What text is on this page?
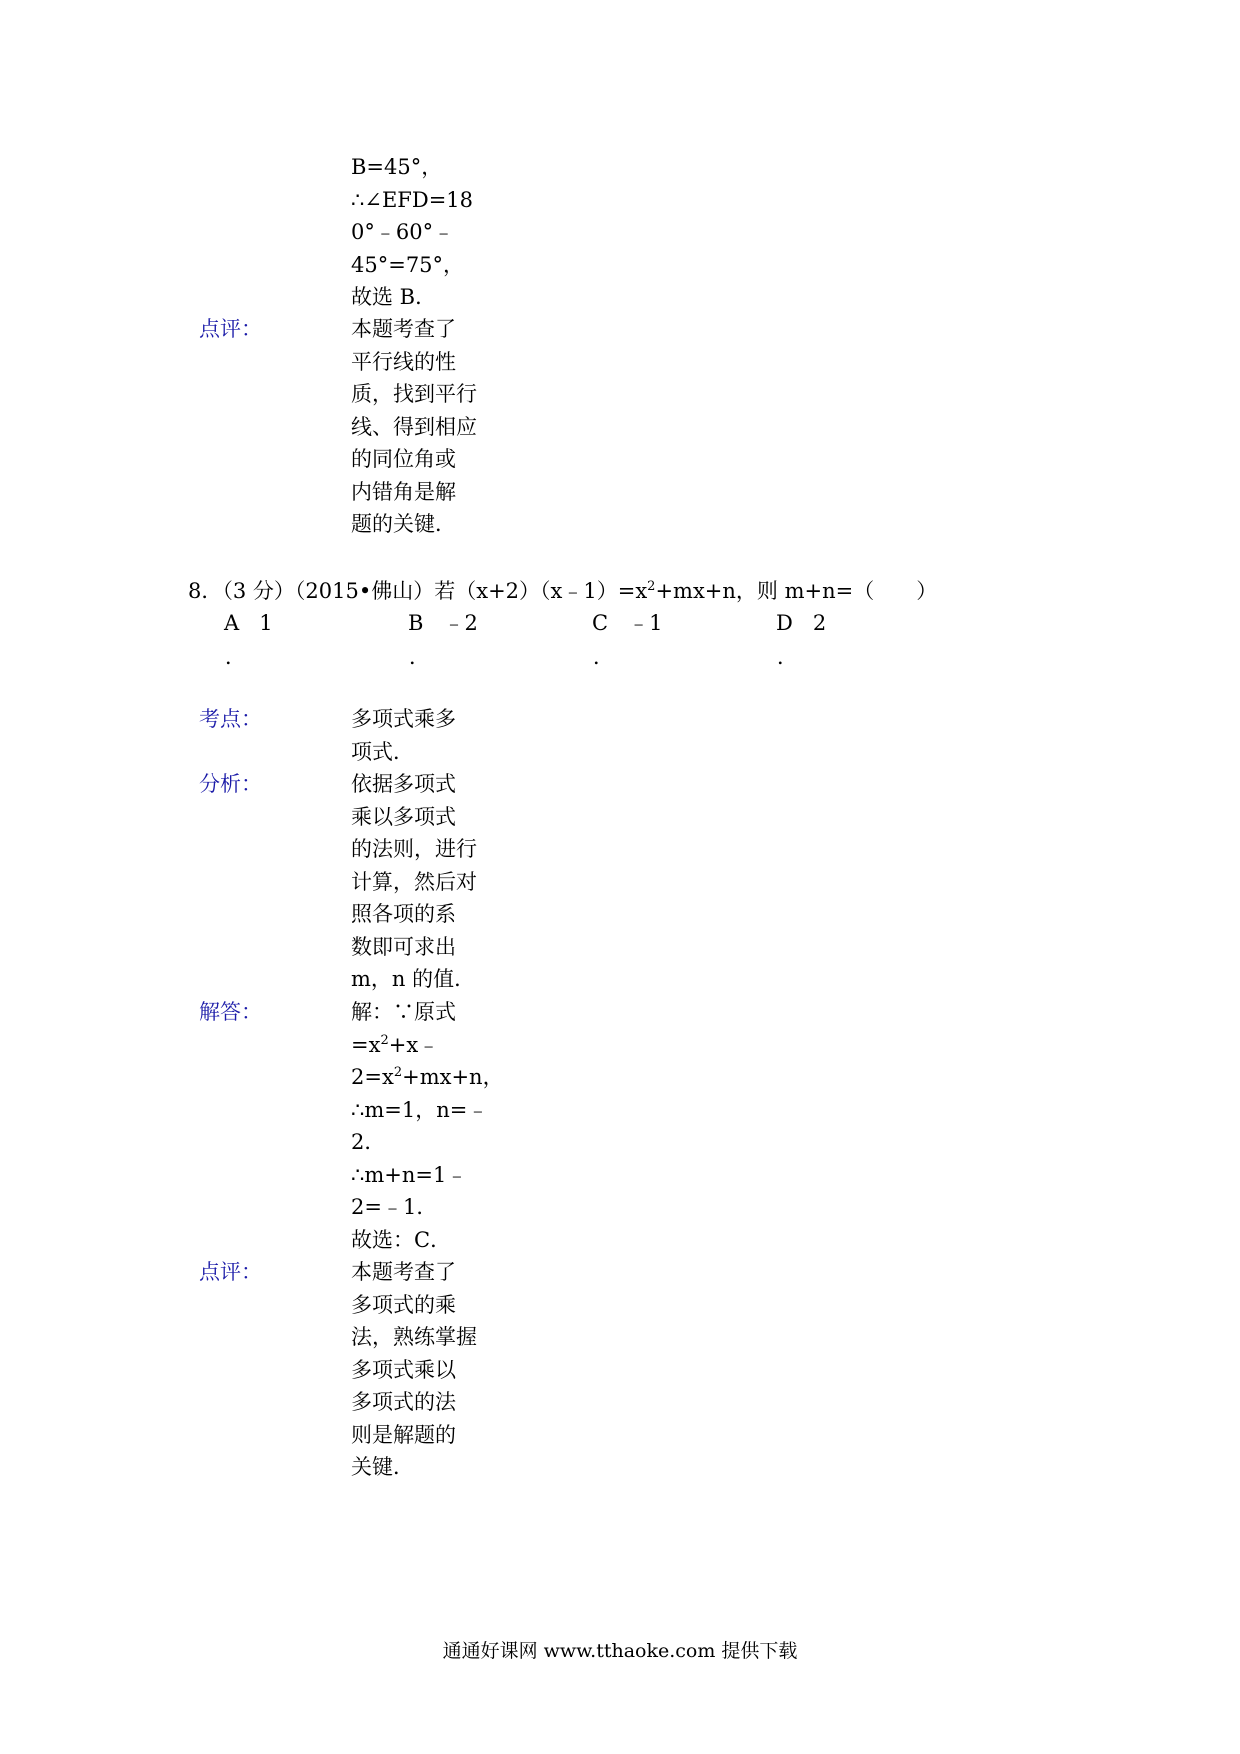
B=45°，
∴∠EFD=18
0°﹣60°﹣
45°=75°，
故选 B．
点评：	本题考查了
平行线的性
质，找到平行
线、得到相应
的同位角或
内错角是解
题的关键．
8．（3 分）（2015•佛山）若$(x+2)(x﹣1)=x^2+mx+n$，则 m+n=（　　）
A 1
．
B ﹣2
．
C ﹣1
．
D 2
．
考点：	多项式乘多
项式．
分析：	依据多项式
乘以多项式
的法则，进行
计算，然后对
照各项的系
数即可求出
m，n 的值．
解答：	解：∵原式
$=x^2+x﹣$
$2=x^2+mx+n$，
∴m=1，n=﹣
2．
∴m+n=1﹣
2=﹣1．
故选：C．
点评：	本题考查了
多项式的乘
法，熟练掌握
多项式乘以
多项式的法
则是解题的
关键．
通通好课网 www.tthaoke.com 提供下载
